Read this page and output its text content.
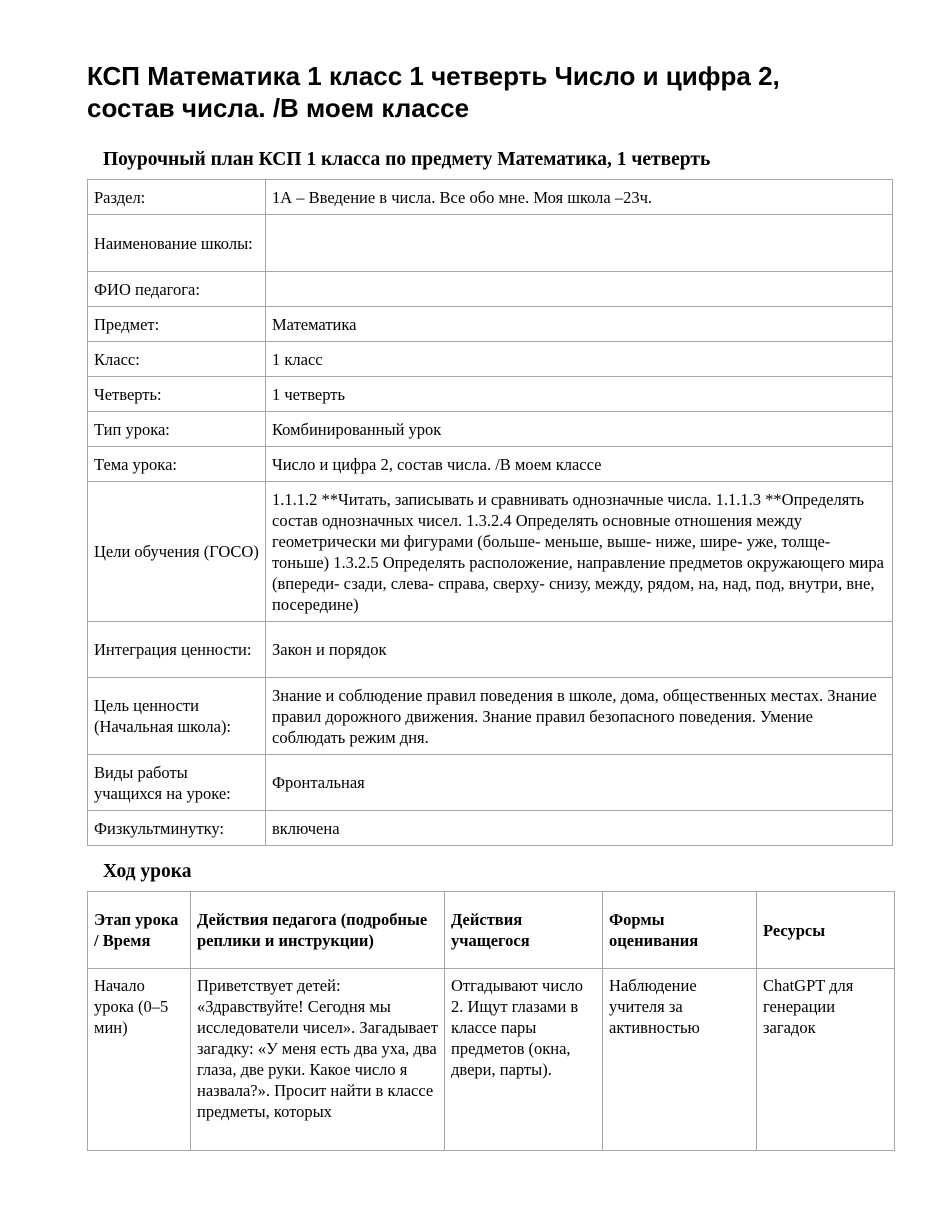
КСП Математика 1 класс 1 четверть Число и цифра 2, состав числа. /В моем классе
Поурочный план КСП 1 класса по предмету Математика, 1 четверть
Раздел:	1А – Введение в числа. Все обо мне. Моя школа –23ч.
Наименование школы:	
ФИО педагога:	
Предмет:	Математика
Класс:	1 класс
Четверть:	1 четверть
Тип урока:	Комбинированный урок
Тема урока:	Число и цифра 2, состав числа. /В моем классе
Цели обучения (ГОСО)	1.1.1.2 **Читать, записывать и сравнивать однозначные числа. 1.1.1.3 **Определять состав однозначных чисел. 1.3.2.4 Определять основные отношения между геометрически ми фигурами (больше- меньше, выше- ниже, шире- уже, толще- тоньше) 1.3.2.5 Определять расположение, направление предметов окружающего мира (впереди- сзади, слева- справа, сверху- снизу, между, рядом, на, над, под, внутри, вне, посередине)
Интеграция ценности:	Закон и порядок
Цель ценности (Начальная школа):	Знание и соблюдение правил поведения в школе, дома, общественных местах. Знание правил дорожного движения. Знание правил безопасного поведения. Умение соблюдать режим дня.
Виды работы учащихся на уроке:	Фронтальная
Физкультминутку:	включена
Ход урока
Этап урока / Время	Действия педагога (подробные реплики и инструкции)	Действия учащегося	Формы оценивания	Ресурсы
Начало урока (0–5 мин)	Приветствует детей: «Здравствуйте! Сегодня мы исследователи чисел». Загадывает загадку: «У меня есть два уха, два глаза, две руки. Какое число я назвала?». Просит найти в классе предметы, которых	Отгадывают число 2. Ищут глазами в классе пары предметов (окна, двери, парты).	Наблюдение учителя за активностью	ChatGPT для генерации загадок
